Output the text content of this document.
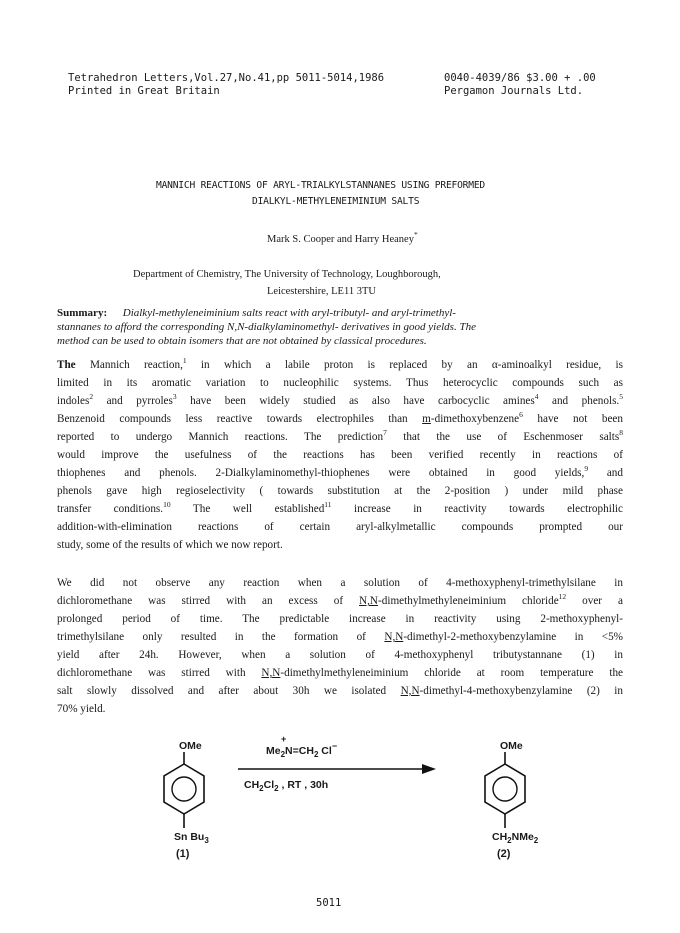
Tetrahedron Letters,Vol.27,No.41,pp 5011-5014,1986
Printed in Great Britain
0040-4039/86 $3.00 + .00
Pergamon Journals Ltd.
MANNICH REACTIONS OF ARYL-TRIALKYLSTANNANES USING PREFORMED
DIALKYL-METHYLENEIMINIUM SALTS
Mark S. Cooper and Harry Heaney*
Department of Chemistry, The University of Technology, Loughborough,
Leicestershire, LE11 3TU
Summary: Dialkyl-methyleneiminium salts react with aryl-tributyl- and aryl-trimethyl-
stannanes to afford the corresponding N,N-dialkylaminomethyl- derivatives in good yields. The
method can be used to obtain isomers that are not obtained by classical procedures.
The Mannich reaction,$^1$ in which a labile proton is replaced by an α-aminoalkyl residue, is
limited in its aromatic variation to nucleophilic systems. Thus heterocyclic compounds such as
indoles$^2$ and pyrroles$^3$ have been widely studied as also have carbocyclic amines$^4$ and phenols.$^5$
Benzenoid compounds less reactive towards electrophiles than m-dimethoxybenzene$^6$ have not been
reported to undergo Mannich reactions. The prediction$^7$ that the use of Eschenmoser salts$^8$
would improve the usefulness of the reactions has been verified recently in reactions of
thiophenes and phenols. 2-Dialkylaminomethyl-thiophenes were obtained in good yields,$^9$ and
phenols gave high regioselectivity ( towards substitution at the 2-position ) under mild phase
transfer conditions.$^{10}$ The well established$^{11}$ increase in reactivity towards electrophilic
addition-with-elimination reactions of certain aryl-alkylmetallic compounds prompted our
study, some of the results of which we now report.
We did not observe any reaction when a solution of 4-methoxyphenyl-trimethylsilane in
dichloromethane was stirred with an excess of N,N-dimethylmethyleneiminium chloride$^{12}$ over a
prolonged period of time. The predictable increase in reactivity using 2-methoxyphenyl-
trimethylsilane only resulted in the formation of N,N-dimethyl-2-methoxybenzylamine in <5%
yield after 24h. However, when a solution of 4-methoxyphenyl tributystannane (1) in
dichloromethane was stirred with N,N-dimethylmethyleneiminium chloride at room temperature the
salt slowly dissolved and after about 30h we isolated N,N-dimethyl-4-methoxybenzylamine (2) in
70% yield.
OMe
Sn $Bu_3$
(1)
+
$Me_2N=CH_2$ Cl−
$CH_2Cl_2$ , RT , 30h
OMe
$CH_2NMe_2$
(2)
5011
